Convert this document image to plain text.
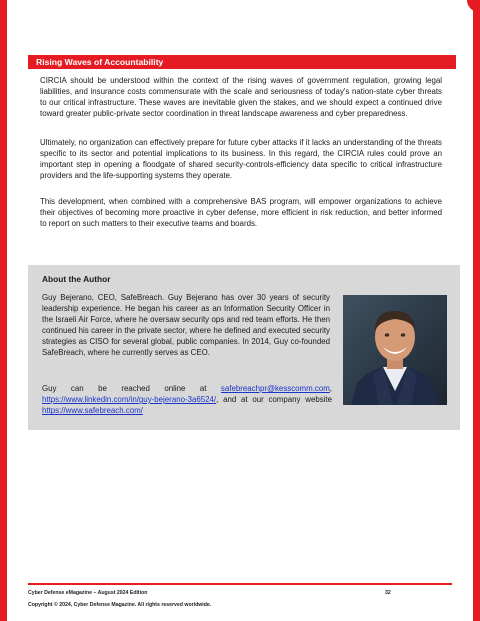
Rising Waves of Accountability

CIRCIA should be understood within the context of the rising waves of government regulation, growing legal liabilities, and insurance costs commensurate with the scale and seriousness of today's nation-state cyber threats to our critical infrastructure. These waves are inevitable given the stakes, and we should expect a continued drive toward greater public-private sector coordination in threat landscape awareness and cyber preparedness.

Ultimately, no organization can effectively prepare for future cyber attacks if it lacks an understanding of the threats specific to its sector and potential implications to its business. In this regard, the CIRCIA rules could prove an important step in opening a floodgate of shared security-controls-efficiency data specific to critical infrastructure providers and the life-supporting systems they operate.

This development, when combined with a comprehensive BAS program, will empower organizations to achieve their objectives of becoming more proactive in cyber defense, more efficient in risk reduction, and better informed to report on such matters to their executive teams and boards.

About the Author

Guy Bejerano, CEO, SafeBreach. Guy Bejerano has over 30 years of security leadership experience. He began his career as an Information Security Officer in the Israeli Air Force, where he oversaw security ops and red team efforts. He then continued his career in the private sector, where he defined and executed security strategies as CISO for several global, public companies. In 2014, Guy co-founded SafeBreach, where he currently serves as CEO.

Guy can be reached online at safebreachpr@kesscomm.com, https://www.linkedin.com/in/guy-bejerano-3a6524/, and at our company website https://www.safebreach.com/

Cyber Defense eMagazine – August 2024 Edition	32
Copyright © 2024, Cyber Defense Magazine. All rights reserved worldwide.
